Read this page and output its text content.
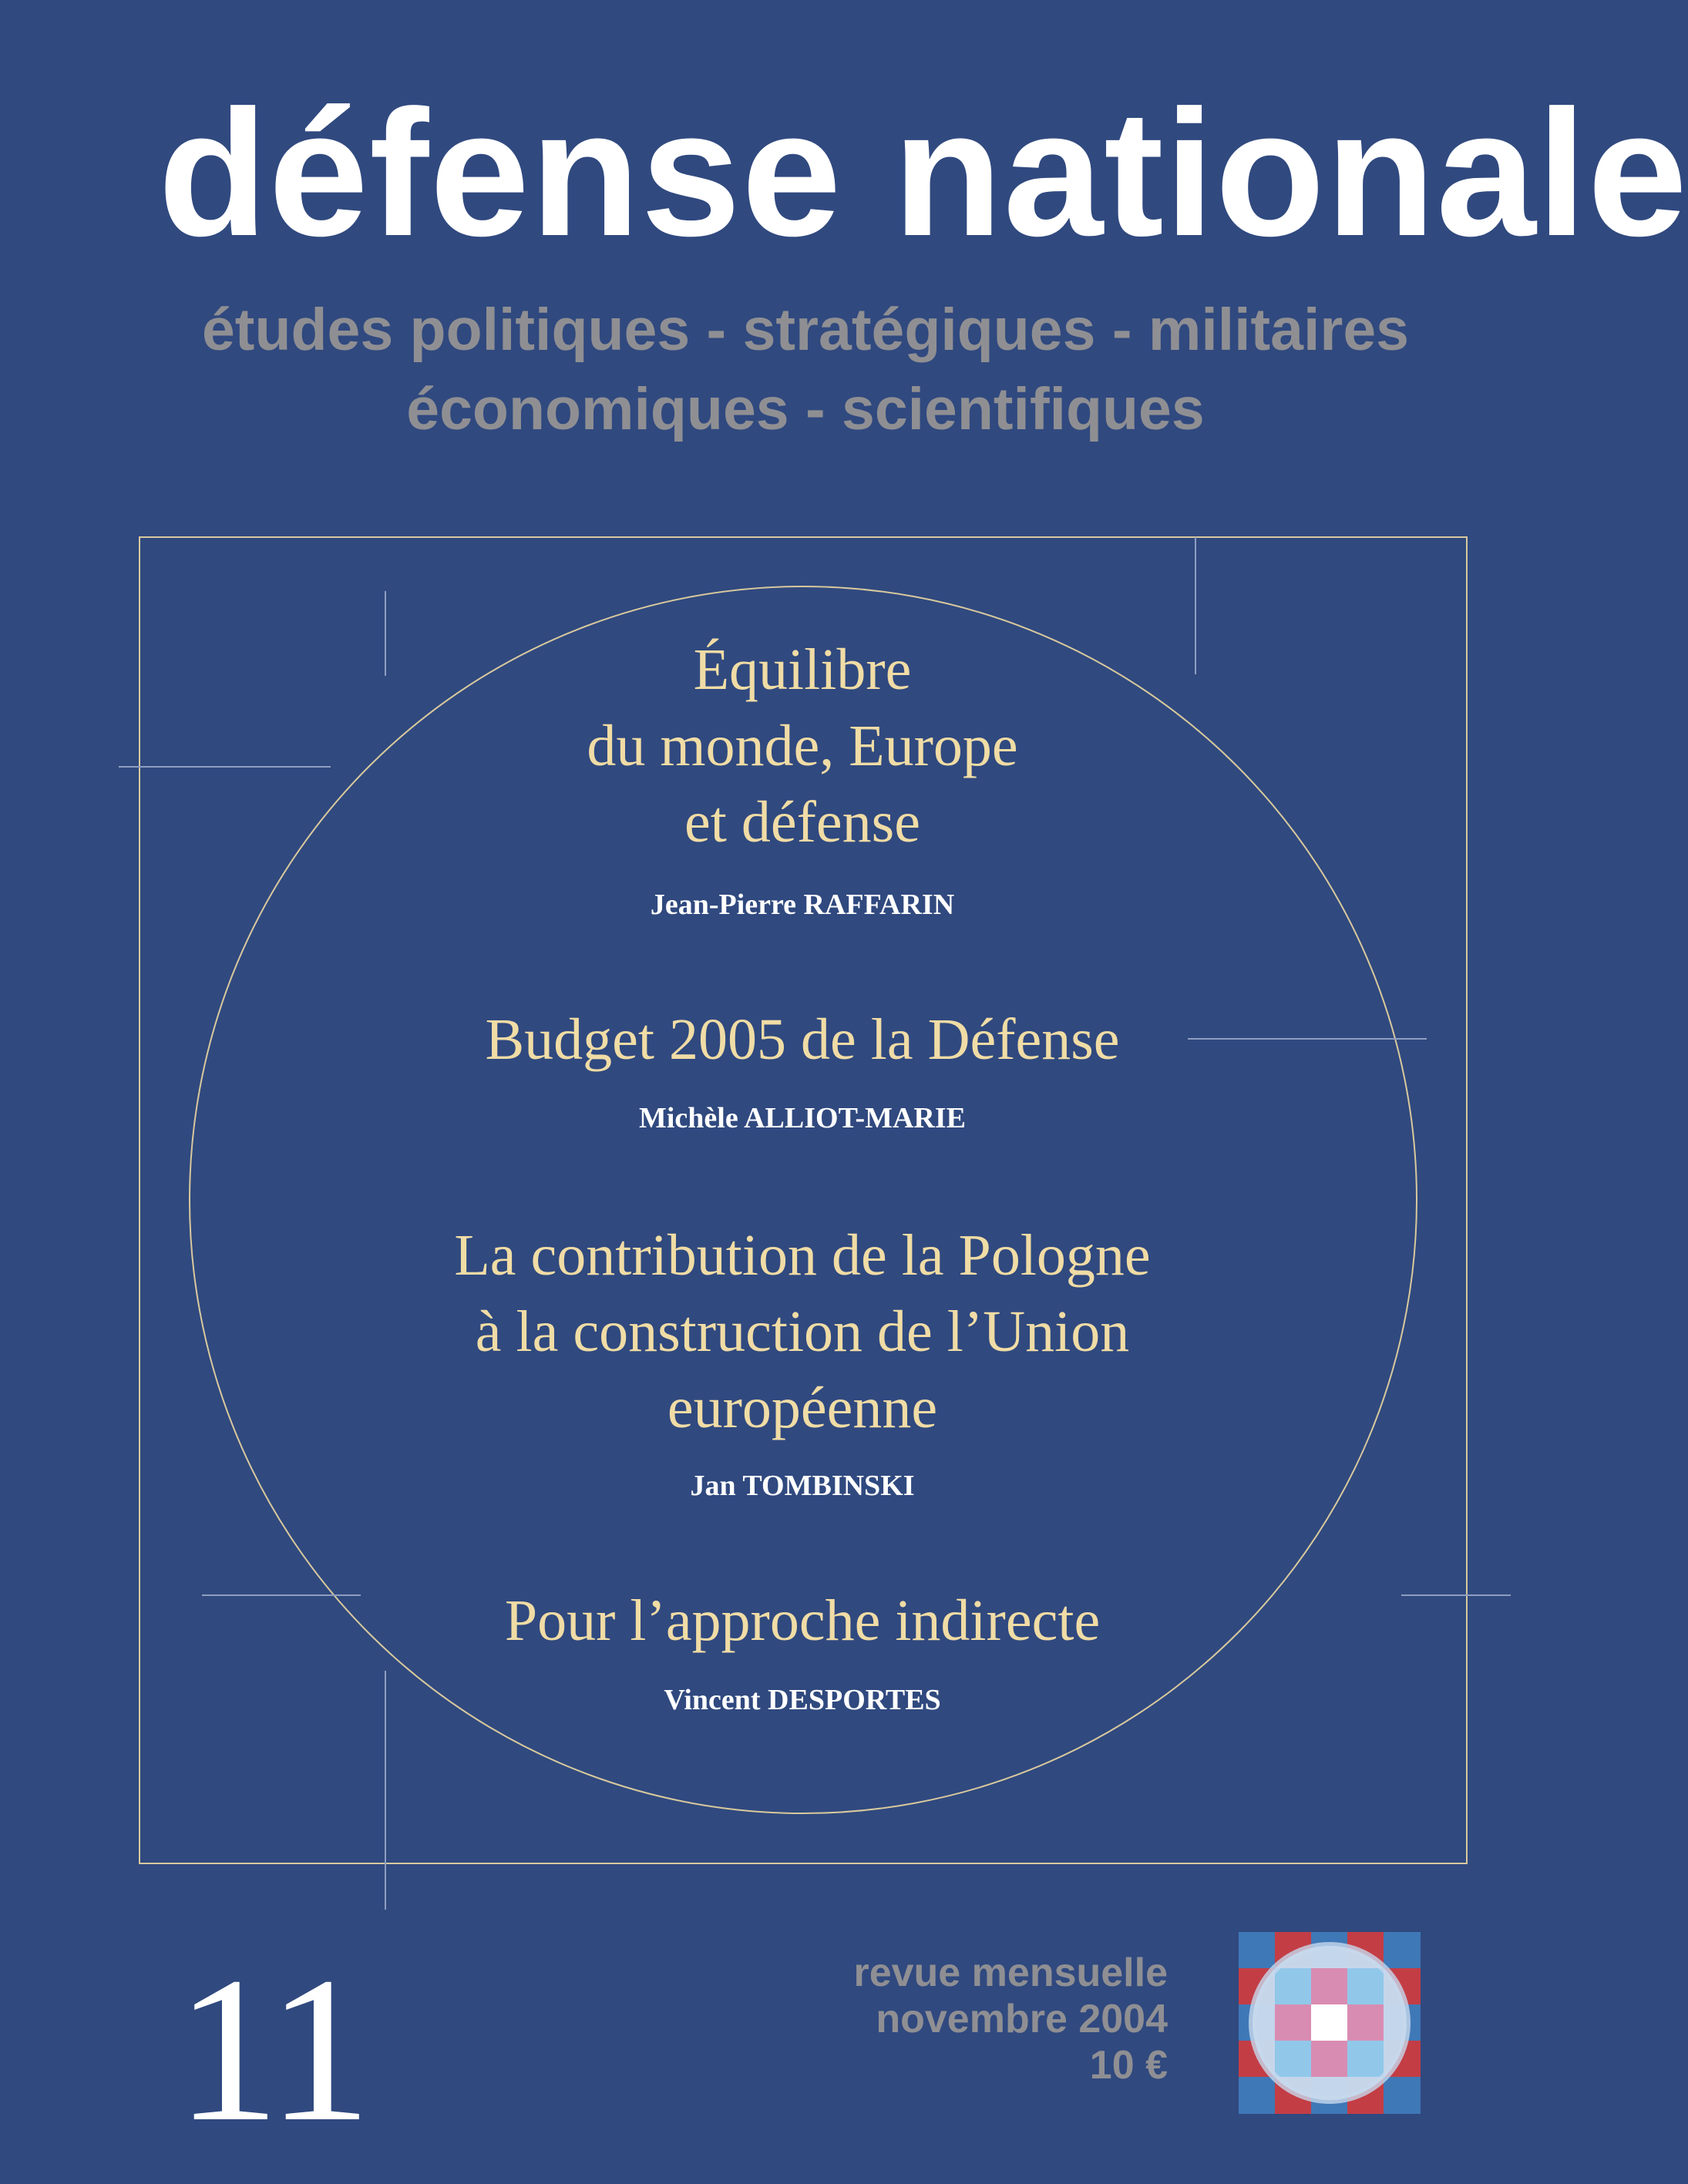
défense nationale
études politiques - stratégiques - militaires
économiques - scientifiques
Équilibre
du monde, Europe
et défense
Jean-Pierre RAFFARIN
Budget 2005 de la Défense
Michèle ALLIOT-MARIE
La contribution de la Pologne
à la construction de l’Union
européenne
Jan TOMBINSKI
Pour l’approche indirecte
Vincent DESPORTES
11	revue mensuelle
novembre 2004
10 €
